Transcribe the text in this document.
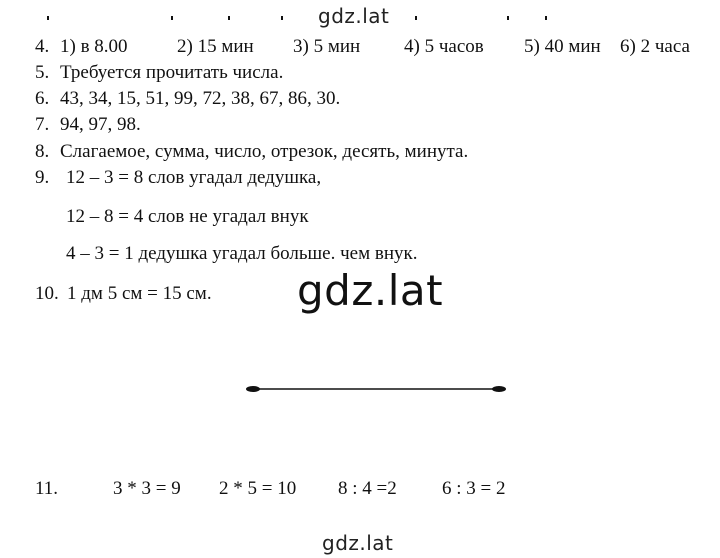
gdz.lat
gdz.lat
gdz.lat
4. 1) в 8.00	2) 15 мин 3) 5 мин 4) 5 часов 5) 40 мин 6) 2 часа
5. Требуется прочитать числа.
6. 43, 34, 15, 51, 99, 72, 38, 67, 86, 30.
7. 94, 97, 98.
8. Слагаемое, сумма, число, отрезок, десять, минута.
9. 12 – 3 = 8 слов угадал дедушка,
12 – 8 = 4 слов не угадал внук
4 – 3 = 1 дедушка угадал больше. чем внук.
10. 1 дм 5 см = 15 см.
11.	3 * 3 = 9 2 * 5 = 10 8 : 4 =2 6 : 3 = 2
